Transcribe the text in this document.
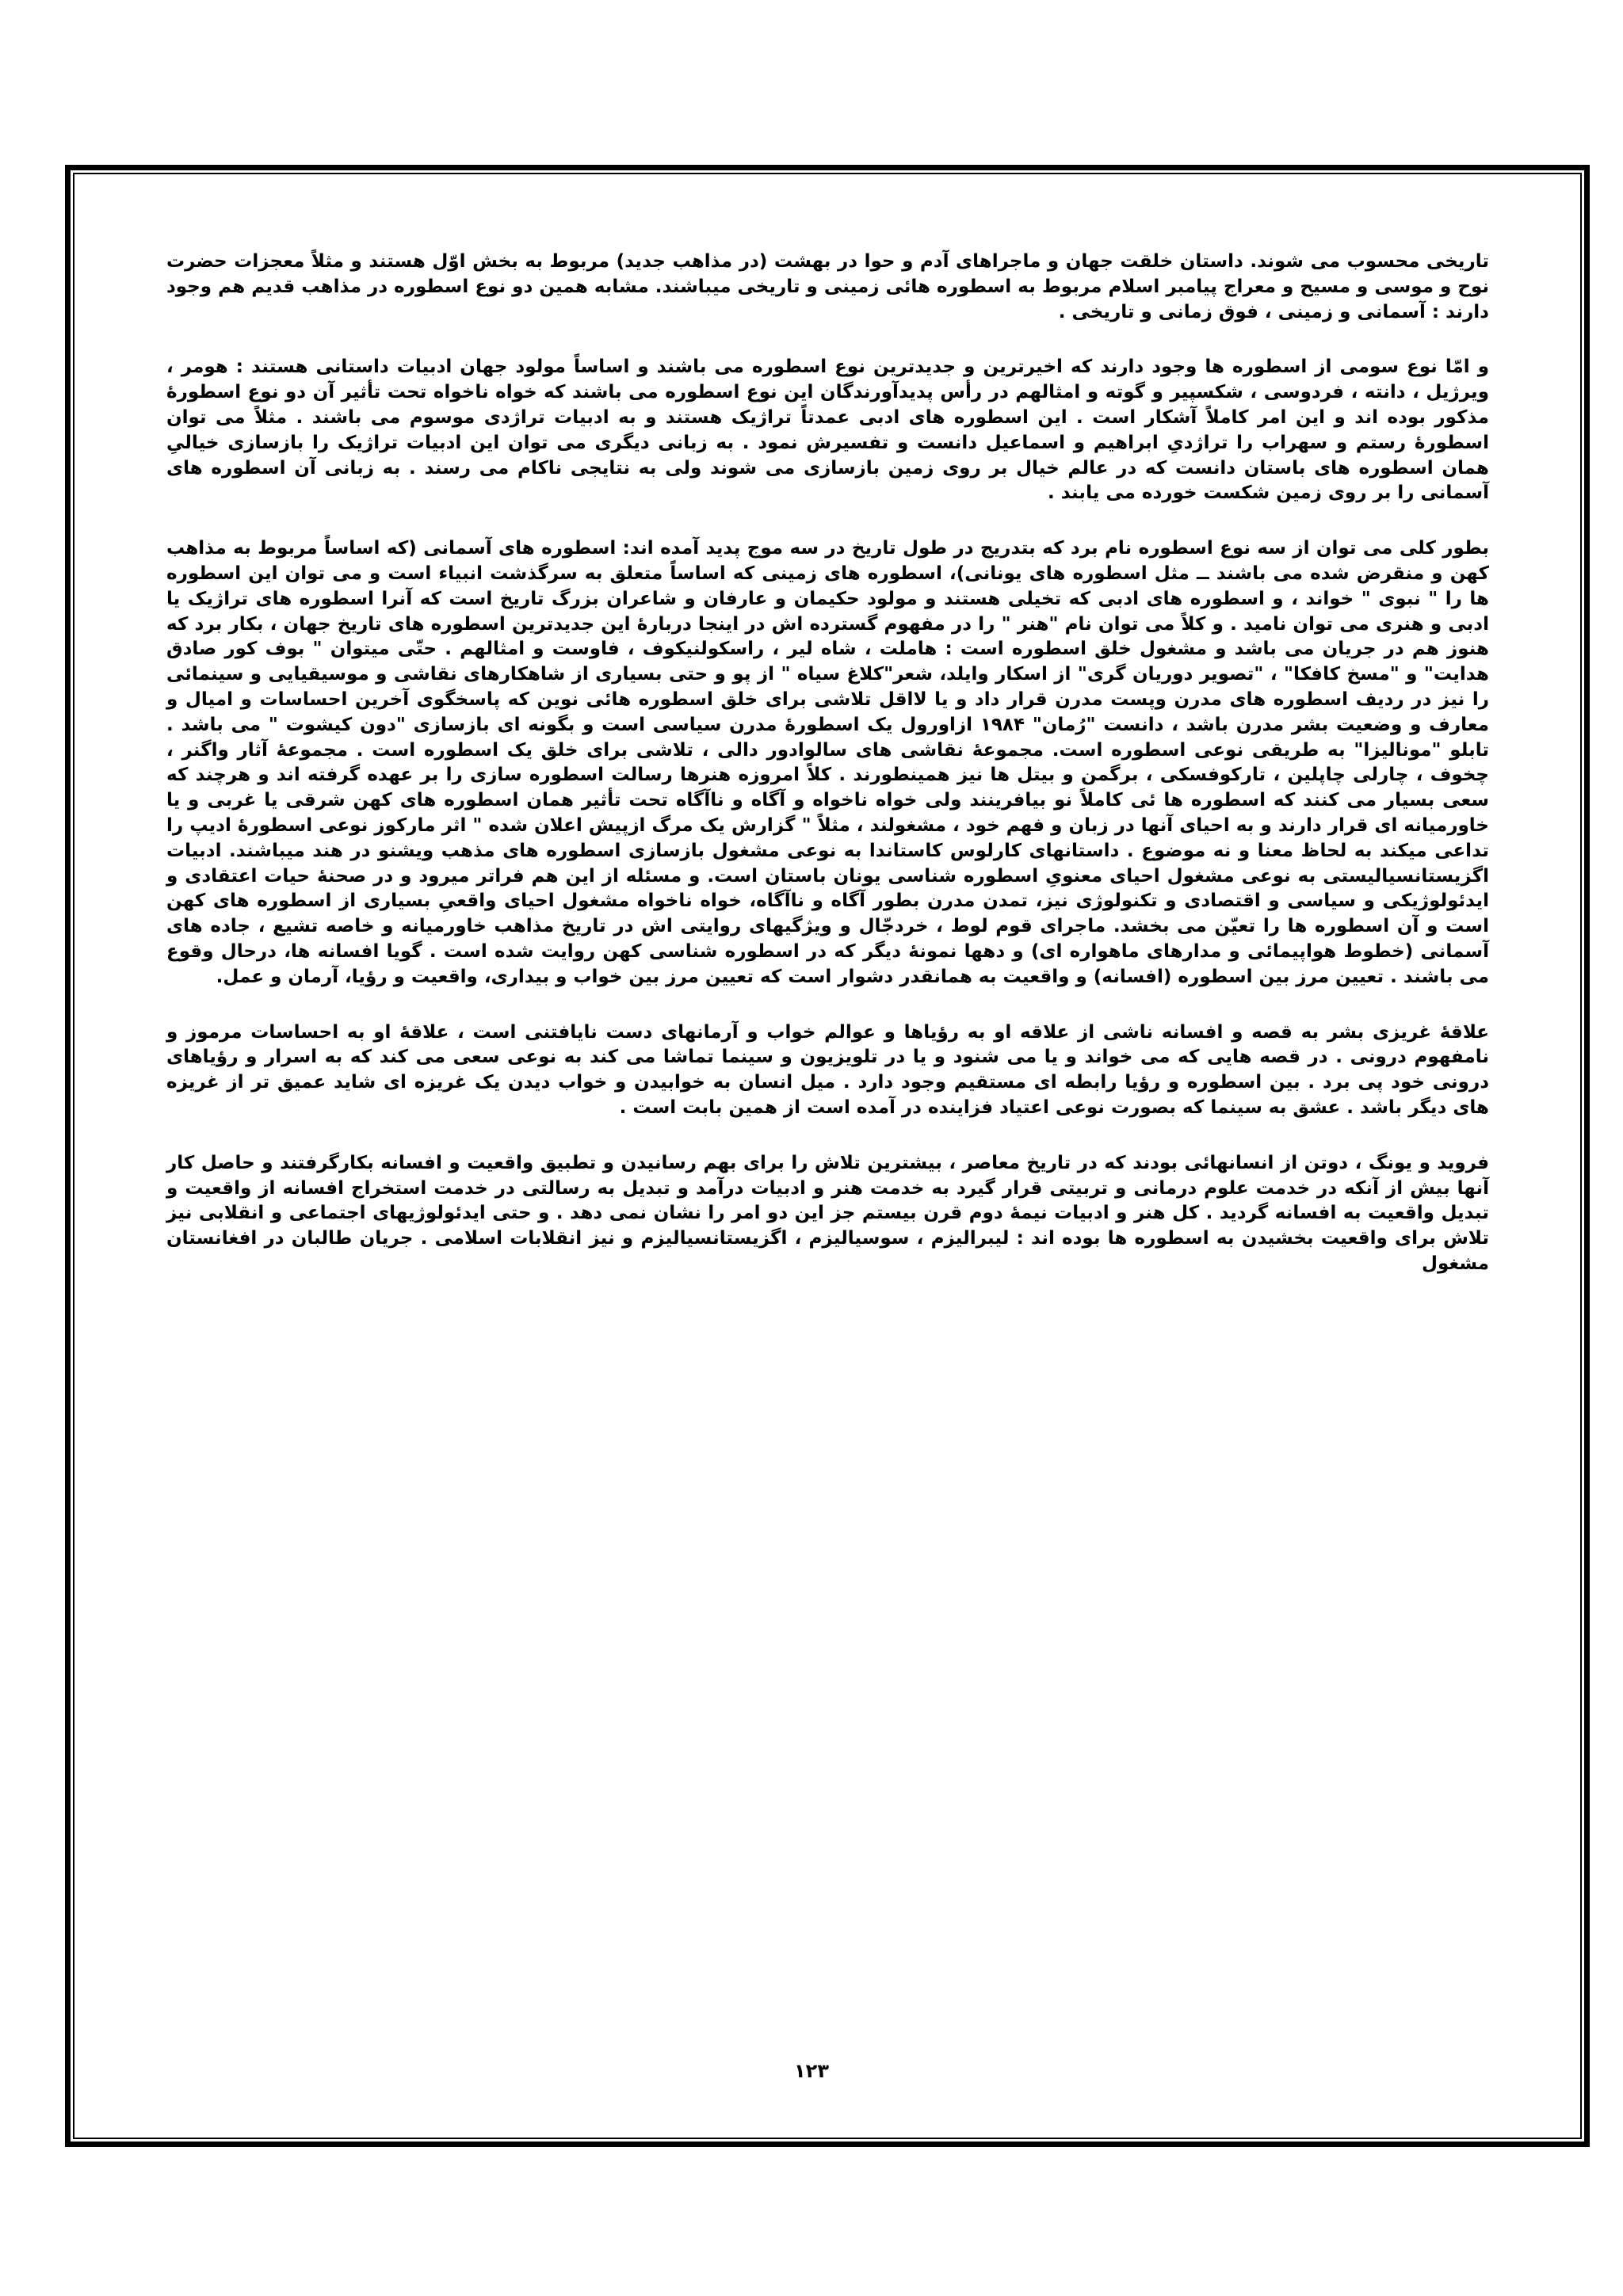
تاریخی محسوب می شوند. داستان خلقت جهان و ماجراهای آدم و حوا در بهشت (در مذاهب جدید) مربوط به بخش اوّل هستند و مثلاً معجزات حضرت نوح و موسی و مسیح و معراج پیامبر اسلام مربوط به اسطوره هائی زمینی و تاریخی میباشند. مشابه همین دو نوع اسطوره در مذاهب قدیم هم وجود دارند : آسمانی و زمینی ، فوق زمانی و تاریخی .

و امّا نوع سومی از اسطوره ها وجود دارند که اخیرترین و جدیدترین نوع اسطوره می باشند و اساساً مولود جهان ادبیات داستانی هستند : هومر ، ویرژیل ، دانته ، فردوسی ، شکسپیر و گوته و امثالهم در رأس پدیدآورندگان این نوع اسطوره می باشند که خواه ناخواه تحت تأثیر آن دو نوع اسطورهٔ مذکور بوده اند و این امر کاملاً آشکار است . این اسطوره های ادبی عمدتاً تراژیک هستند و به ادبیات تراژدی موسوم می باشند . مثلاً می توان اسطورهٔ رستم و سهراب را تراژدیِ ابراهیم و اسماعیل دانست و تفسیرش نمود . به زبانی دیگری می توان این ادبیات تراژیک را بازسازی خیالیِ همان اسطوره های باستان دانست که در عالم خیال بر روی زمین بازسازی می شوند ولی به نتایجی ناکام می رسند . به زبانی آن اسطوره های آسمانی را بر روی زمین شکست خورده می یابند .

بطور کلی می توان از سه نوع اسطوره نام برد که بتدریج در طول تاریخ در سه موج پدید آمده اند: اسطوره های آسمانی (که اساساً مربوط به مذاهب کهن و منقرض شده می باشند ــ مثل اسطوره های یونانی)، اسطوره های زمینی که اساساً متعلق به سرگذشت انبیاء است و می توان این اسطوره ها را " نبوی " خواند ، و اسطوره های ادبی که تخیلی هستند و مولود حکیمان و عارفان و شاعران بزرگ تاریخ است که آنرا اسطوره های تراژیک یا ادبی و هنری می توان نامید . و کلاً می توان نام "هنر " را در مفهوم گسترده اش در اینجا دربارهٔ این جدیدترین اسطوره های تاریخ جهان ، بکار برد که هنوز هم در جریان می باشد و مشغول خلق اسطوره است : هاملت ، شاه لیر ، راسکولنیکوف ، فاوست و امثالهم . حتّی میتوان " بوف کور صادق هدایت" و "مسخ کافکا" ، "تصویر دوریان گری" از اسکار وایلد، شعر"کلاغ سیاه " از پو و حتی بسیاری از شاهکارهای نقاشی و موسیقیایی و سینمائی را نیز در ردیف اسطوره های مدرن وپست مدرن قرار داد و یا لااقل تلاشی برای خلق اسطوره هائی نوین که پاسخگوی آخرین احساسات و امیال و معارف و وضعیت بشر مدرن باشد ، دانست "رُمان" ۱۹۸۴ ازاورول یک اسطورهٔ مدرن سیاسی است و بگونه ای بازسازی "دون کیشوت " می باشد . تابلو "مونالیزا" به طریقی نوعی اسطوره است. مجموعهٔ نقاشی های سالوادور دالی ، تلاشی برای خلق یک اسطوره است . مجموعهٔ آثار واگنر ، چخوف ، چارلی چاپلین ، تارکوفسکی ، برگمن و بیتل ها نیز همینطورند . کلاً امروزه هنرها رسالت اسطوره سازی را بر عهده گرفته اند و هرچند که سعی بسیار می کنند که اسطوره ها ئی کاملاً نو بیافرینند ولی خواه ناخواه و آگاه و ناآگاه تحت تأثیر همان اسطوره های کهن شرقی یا غربی و یا خاورمیانه ای قرار دارند و به احیای آنها در زبان و فهم خود ، مشغولند ، مثلاً " گزارش یک مرگ ازپیش اعلان شده " اثر مارکوز نوعی اسطورهٔ ادیپ را تداعی میکند به لحاظ معنا و نه موضوع . داستانهای کارلوس کاستاندا به نوعی مشغول بازسازی اسطوره های مذهب ویشنو در هند میباشند. ادبیات اگزیستانسیالیستی به نوعی مشغول احیای معنویِ اسطوره شناسی یونان باستان است. و مسئله از این هم فراتر میرود و در صحنهٔ حیات اعتقادی و ایدئولوژیکی و سیاسی و اقتصادی و تکنولوژی نیز، تمدن مدرن بطور آگاه و ناآگاه، خواه ناخواه مشغول احیای واقعیِ بسیاری از اسطوره های کهن است و آن اسطوره ها را تعیّن می بخشد. ماجرای قوم لوط ، خردجّال و ویژگیهای روایتی اش در تاریخ مذاهب خاورمیانه و خاصه تشیع ، جاده های آسمانی (خطوط هواپیمائی و مدارهای ماهواره ای) و دهها نمونهٔ دیگر که در اسطوره شناسی کهن روایت شده است . گویا افسانه ها، درحال وقوع می باشند . تعیین مرز بین اسطوره (افسانه) و واقعیت به همانقدر دشوار است که تعیین مرز بین خواب و بیداری، واقعیت و رؤیا، آرمان و عمل.

علاقهٔ غریزی بشر به قصه و افسانه ناشی از علاقه او به رؤیاها و عوالم خواب و آرمانهای دست نایافتنی است ، علاقهٔ او به احساسات مرموز و نامفهوم درونی . در قصه هایی که می خواند و یا می شنود و یا در تلویزیون و سینما تماشا می کند به نوعی سعی می کند که به اسرار و رؤیاهای درونی خود پی برد . بین اسطوره و رؤیا رابطه ای مستقیم وجود دارد . میل انسان به خوابیدن و خواب دیدن یک غریزه ای شاید عمیق تر از غریزه های دیگر باشد . عشق به سینما که بصورت نوعی اعتیاد فزاینده در آمده است از همین بابت است .

فروید و یونگ ، دوتن از انسانهائی بودند که در تاریخ معاصر ، بیشترین تلاش را برای بهم رسانیدن و تطبیق واقعیت و افسانه بکارگرفتند و حاصل کار آنها بیش از آنکه در خدمت علوم درمانی و تربیتی قرار گیرد به خدمت هنر و ادبیات درآمد و تبدیل به رسالتی در خدمت استخراج افسانه از واقعیت و تبدیل واقعیت به افسانه گردید . کل هنر و ادبیات نیمهٔ دوم قرن بیستم جز این دو امر را نشان نمی دهد . و حتی ایدئولوژیهای اجتماعی و انقلابی نیز تلاش برای واقعیت بخشیدن به اسطوره ها بوده اند : لیبرالیزم ، سوسیالیزم ، اگزیستانسیالیزم و نیز انقلابات اسلامی . جریان طالبان در افغانستان مشغول

۱۲۳
